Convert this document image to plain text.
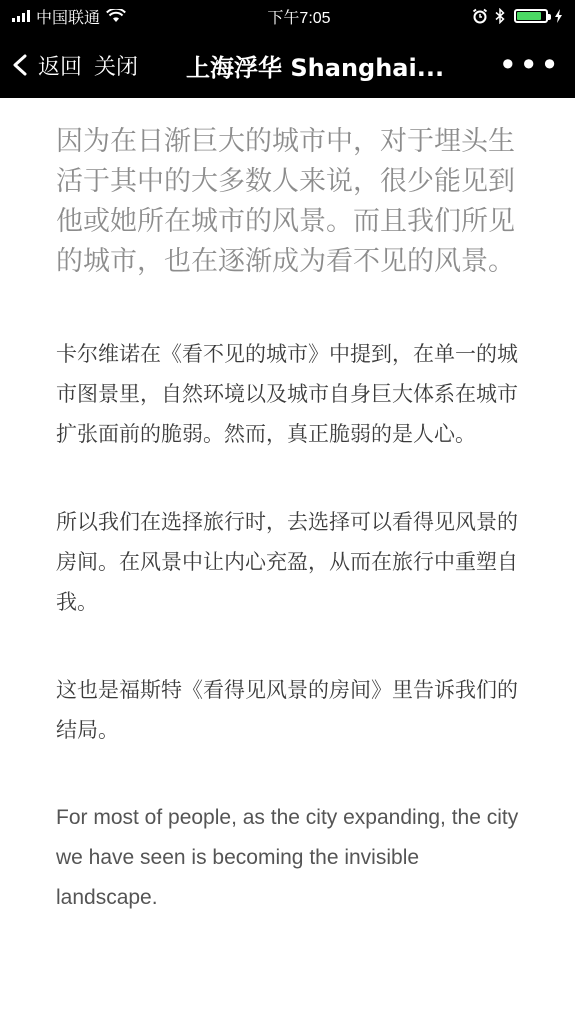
中国联通	下午7:05
返回 关闭 上海浮华 Shanghai...	•••

因为在日渐巨大的城市中，对于埋头生活于其中的大多数人来说，很少能见到他或她所在城市的风景。而且我们所见的城市，也在逐渐成为看不见的风景。

卡尔维诺在《看不见的城市》中提到，在单一的城市图景里，自然环境以及城市自身巨大体系在城市扩张面前的脆弱。然而，真正脆弱的是人心。

所以我们在选择旅行时，去选择可以看得见风景的房间。在风景中让内心充盈，从而在旅行中重塑自我。

这也是福斯特《看得见风景的房间》里告诉我们的结局。

For most of people, as the city expanding, the city we have seen is becoming the invisible landscape.
